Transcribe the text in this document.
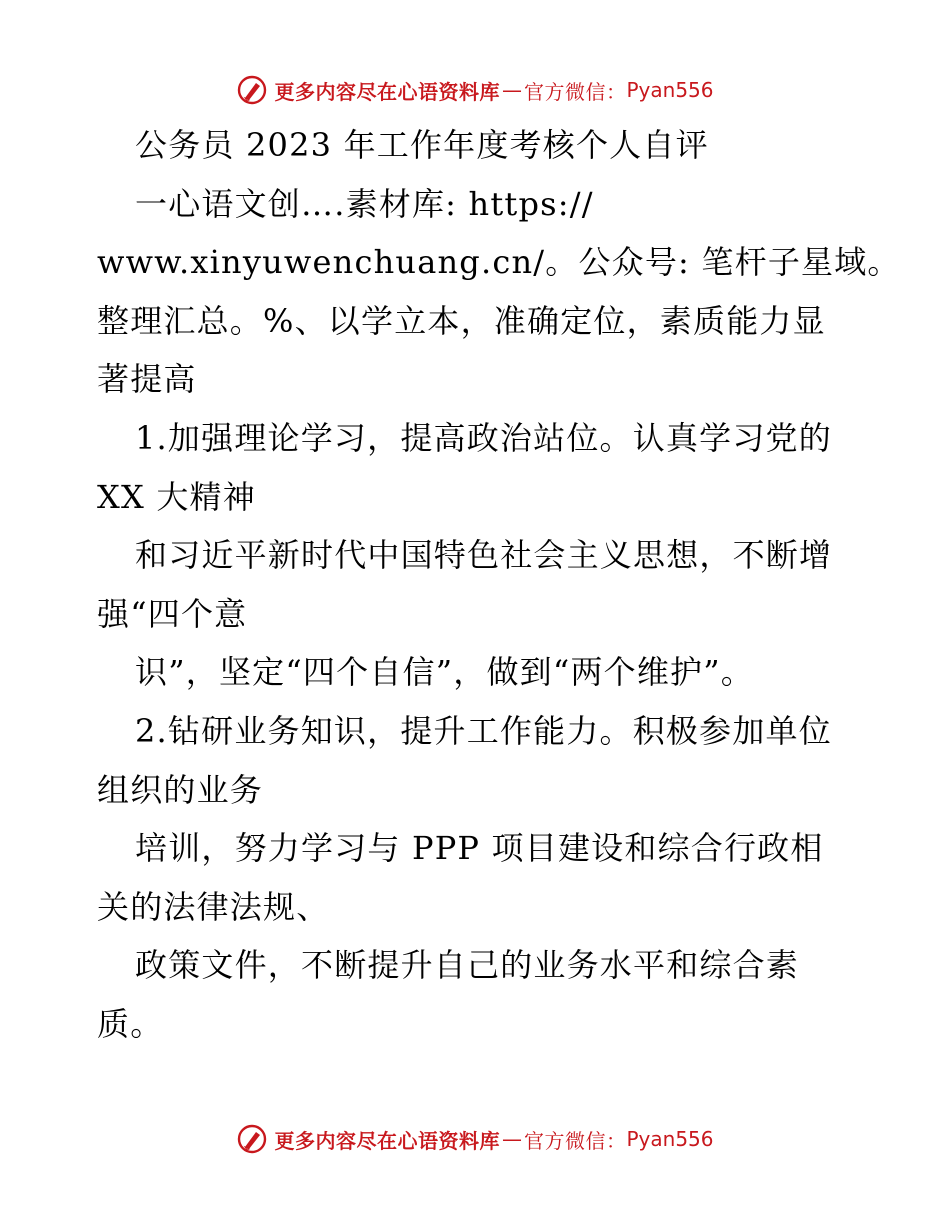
更多内容尽在心语资料库 — 官方微信： Pyan556
公务员 2023 年工作年度考核个人自评
一心语文创….素材库: https://
www.xinyuwenchuang.cn/。公众号: 笔杆子星域。
整理汇总。%、以学立本，准确定位，素质能力显
著提高
1.加强理论学习，提高政治站位。认真学习党的
XX 大精神
和习近平新时代中国特色社会主义思想，不断增
强“四个意
识”，坚定“四个自信”，做到“两个维护”。
2.钻研业务知识，提升工作能力。积极参加单位
组织的业务
培训，努力学习与 PPP 项目建设和综合行政相
关的法律法规、
政策文件，不断提升自己的业务水平和综合素
质。
更多内容尽在心语资料库 — 官方微信： Pyan556
